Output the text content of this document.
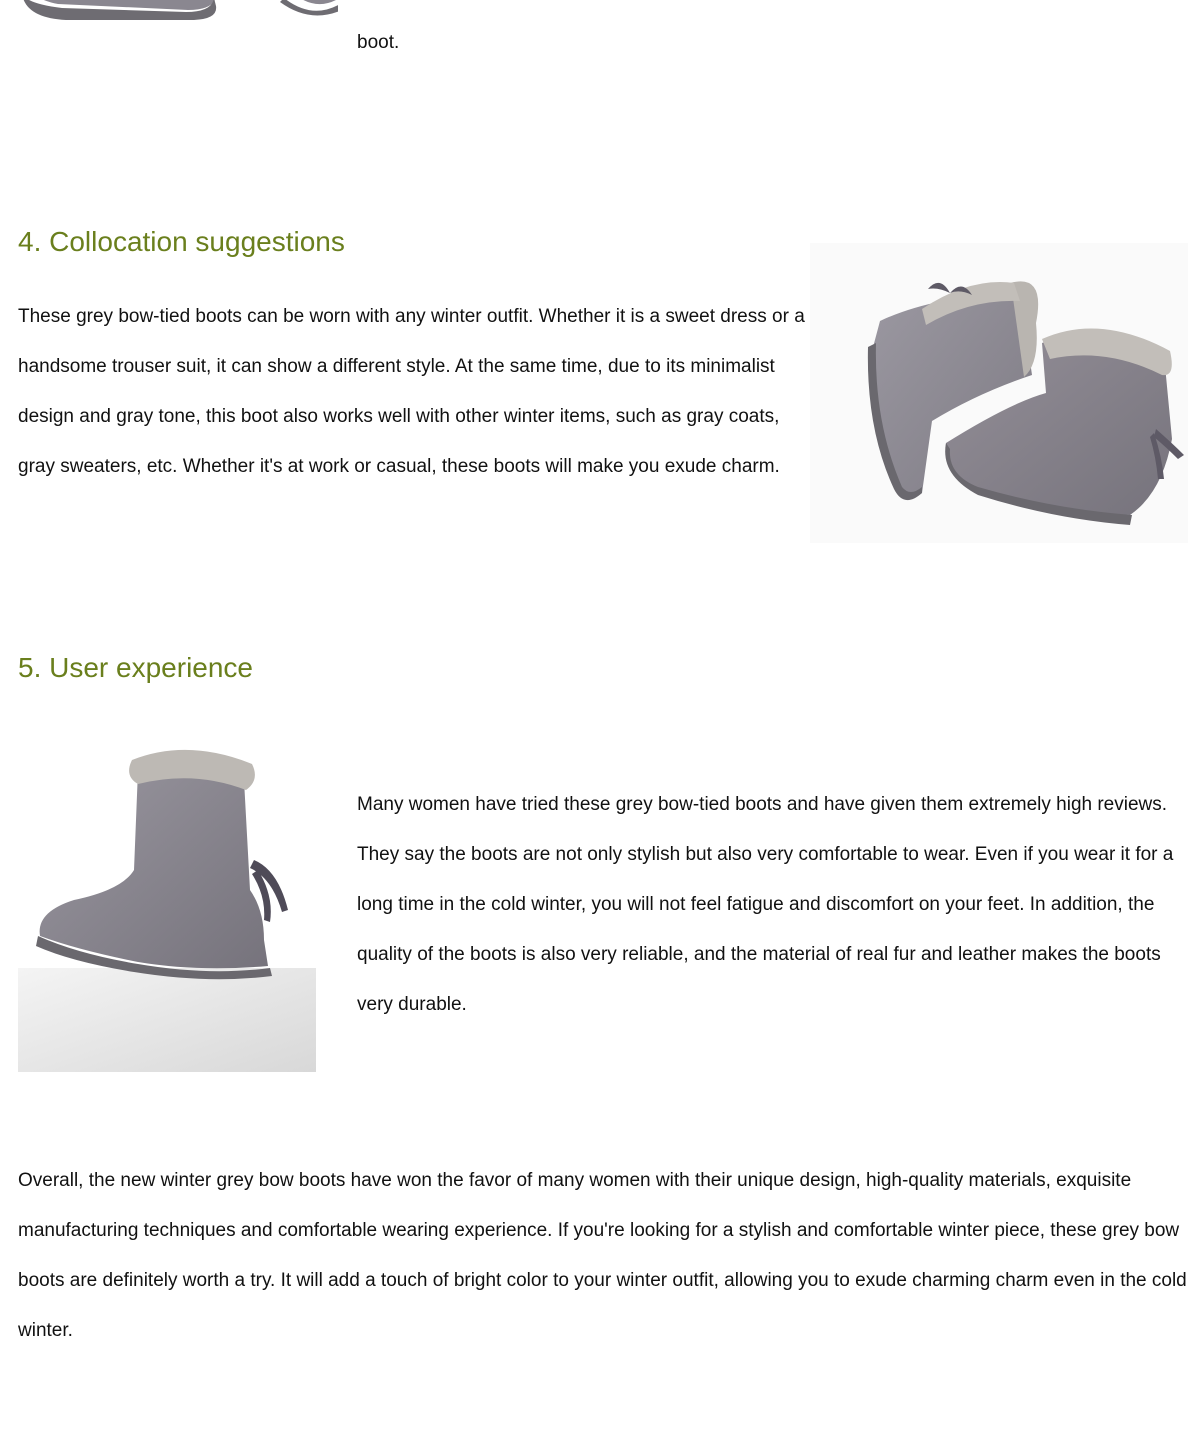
boot.

4. Collocation suggestions

These grey bow-tied boots can be worn with any winter outfit. Whether it is a sweet dress or a handsome trouser suit, it can show a different style. At the same time, due to its minimalist design and gray tone, this boot also works well with other winter items, such as gray coats, gray sweaters, etc. Whether it's at work or casual, these boots will make you exude charm.

5. User experience

Many women have tried these grey bow-tied boots and have given them extremely high reviews. They say the boots are not only stylish but also very comfortable to wear. Even if you wear it for a long time in the cold winter, you will not feel fatigue and discomfort on your feet. In addition, the quality of the boots is also very reliable, and the material of real fur and leather makes the boots very durable.

Overall, the new winter grey bow boots have won the favor of many women with their unique design, high-quality materials, exquisite manufacturing techniques and comfortable wearing experience. If you're looking for a stylish and comfortable winter piece, these grey bow boots are definitely worth a try. It will add a touch of bright color to your winter outfit, allowing you to exude charming charm even in the cold winter.
